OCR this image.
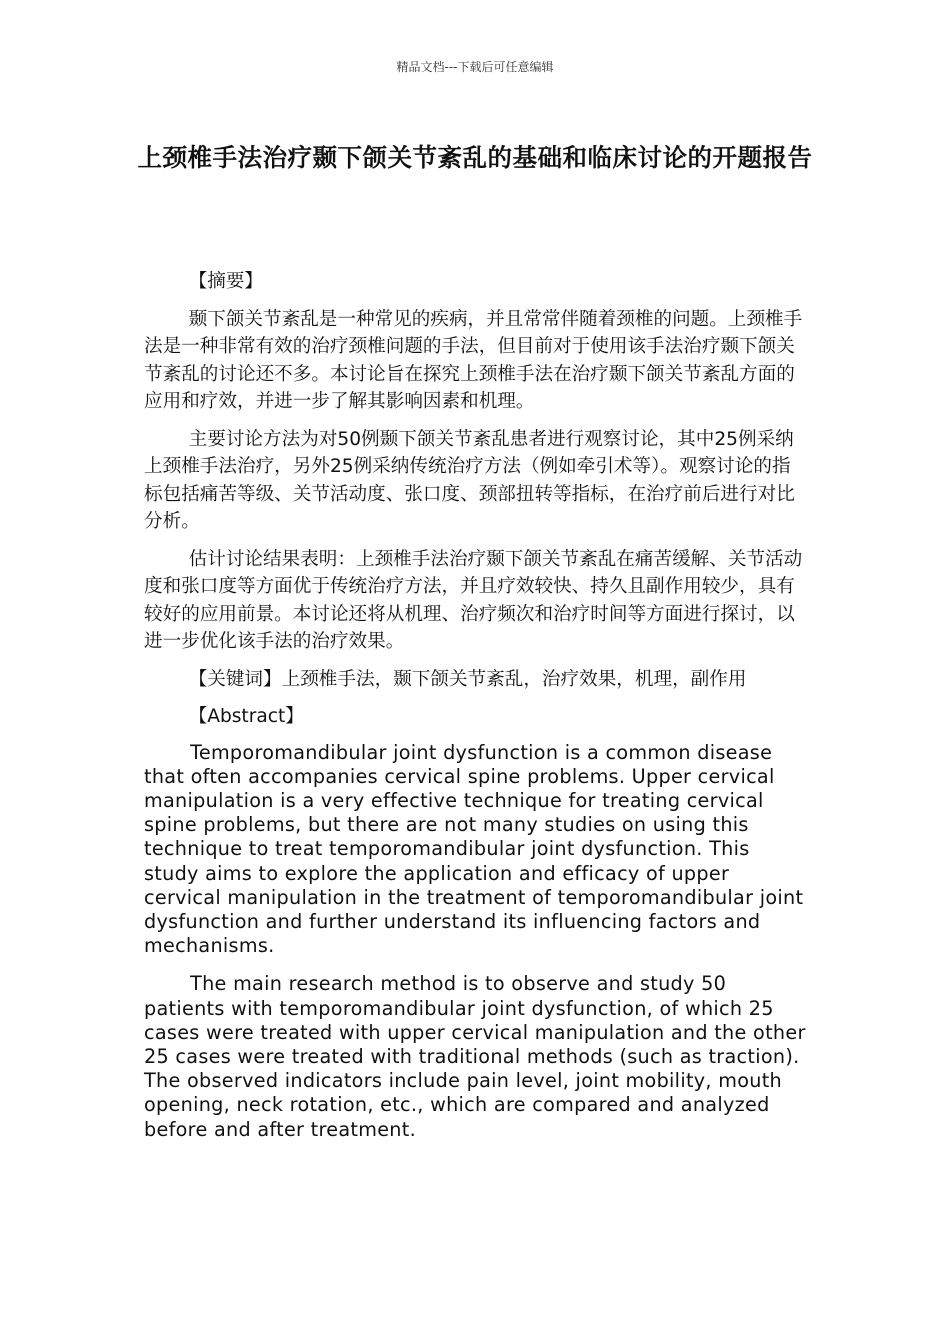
精品文档---下载后可任意编辑
上颈椎手法治疗颞下颌关节紊乱的基础和临床讨论的开题报告
【摘要】

颞下颌关节紊乱是一种常见的疾病，并且常常伴随着颈椎的问题。上颈椎手法是一种非常有效的治疗颈椎问题的手法，但目前对于使用该手法治疗颞下颌关节紊乱的讨论还不多。本讨论旨在探究上颈椎手法在治疗颞下颌关节紊乱方面的应用和疗效，并进一步了解其影响因素和机理。

主要讨论方法为对50例颞下颌关节紊乱患者进行观察讨论，其中25例采纳上颈椎手法治疗，另外25例采纳传统治疗方法（例如牵引术等）。观察讨论的指标包括痛苦等级、关节活动度、张口度、颈部扭转等指标，在治疗前后进行对比分析。

估计讨论结果表明：上颈椎手法治疗颞下颌关节紊乱在痛苦缓解、关节活动度和张口度等方面优于传统治疗方法，并且疗效较快、持久且副作用较少，具有较好的应用前景。本讨论还将从机理、治疗频次和治疗时间等方面进行探讨，以进一步优化该手法的治疗效果。

【关键词】上颈椎手法，颞下颌关节紊乱，治疗效果，机理，副作用

【Abstract】

Temporomandibular joint dysfunction is a common disease that often accompanies cervical spine problems. Upper cervical manipulation is a very effective technique for treating cervical spine problems, but there are not many studies on using this technique to treat temporomandibular joint dysfunction. This study aims to explore the application and efficacy of upper cervical manipulation in the treatment of temporomandibular joint dysfunction and further understand its influencing factors and mechanisms.

The main research method is to observe and study 50 patients with temporomandibular joint dysfunction, of which 25 cases were treated with upper cervical manipulation and the other 25 cases were treated with traditional methods (such as traction). The observed indicators include pain level, joint mobility, mouth opening, neck rotation, etc., which are compared and analyzed before and after treatment.
